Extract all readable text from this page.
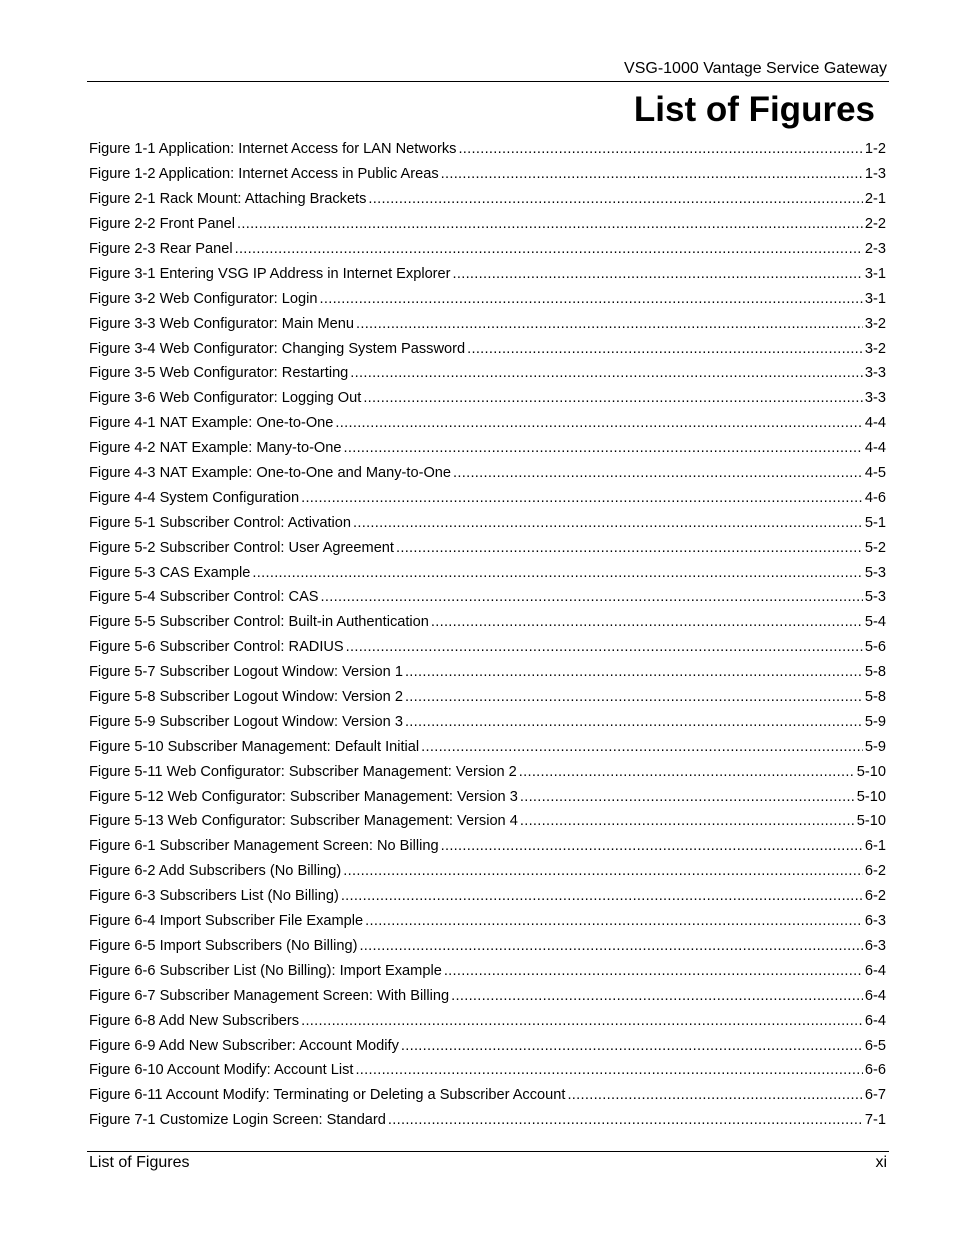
VSG-1000 Vantage Service Gateway
List of Figures
Figure 1-1 Application: Internet Access for LAN Networks .....	1-2
Figure 1-2 Application: Internet Access in Public Areas .....	1-3
Figure 2-1 Rack Mount: Attaching Brackets .....	2-1
Figure 2-2 Front Panel .....	2-2
Figure 2-3 Rear Panel .....	2-3
Figure 3-1 Entering VSG IP Address in Internet Explorer .....	3-1
Figure 3-2 Web Configurator: Login .....	3-1
Figure 3-3 Web Configurator: Main Menu .....	3-2
Figure 3-4 Web Configurator: Changing System Password .....	3-2
Figure 3-5 Web Configurator: Restarting .....	3-3
Figure 3-6 Web Configurator: Logging Out .....	3-3
Figure 4-1 NAT Example: One-to-One .....	4-4
Figure 4-2 NAT Example: Many-to-One .....	4-4
Figure 4-3 NAT Example: One-to-One and Many-to-One .....	4-5
Figure 4-4 System Configuration .....	4-6
Figure 5-1 Subscriber Control: Activation .....	5-1
Figure 5-2 Subscriber Control: User Agreement .....	5-2
Figure 5-3 CAS Example .....	5-3
Figure 5-4 Subscriber Control: CAS .....	5-3
Figure 5-5 Subscriber Control: Built-in Authentication .....	5-4
Figure 5-6 Subscriber Control: RADIUS .....	5-6
Figure 5-7 Subscriber Logout Window: Version 1 .....	5-8
Figure 5-8 Subscriber Logout Window: Version 2 .....	5-8
Figure 5-9 Subscriber Logout Window: Version 3 .....	5-9
Figure 5-10 Subscriber Management: Default Initial .....	5-9
Figure 5-11 Web Configurator: Subscriber Management: Version 2 .....	5-10
Figure 5-12 Web Configurator: Subscriber Management: Version 3 .....	5-10
Figure 5-13 Web Configurator: Subscriber Management: Version 4 .....	5-10
Figure 6-1 Subscriber Management Screen: No Billing .....	6-1
Figure 6-2 Add Subscribers (No Billing) .....	6-2
Figure 6-3 Subscribers List (No Billing) .....	6-2
Figure 6-4 Import Subscriber File Example .....	6-3
Figure 6-5 Import Subscribers (No Billing) .....	6-3
Figure 6-6 Subscriber List (No Billing): Import Example .....	6-4
Figure 6-7 Subscriber Management Screen: With Billing .....	6-4
Figure 6-8 Add New Subscribers .....	6-4
Figure 6-9 Add New Subscriber: Account Modify .....	6-5
Figure 6-10 Account Modify: Account List .....	6-6
Figure 6-11 Account Modify: Terminating or Deleting a Subscriber Account .....	6-7
Figure 7-1 Customize Login Screen: Standard .....	7-1
List of Figures	xi
